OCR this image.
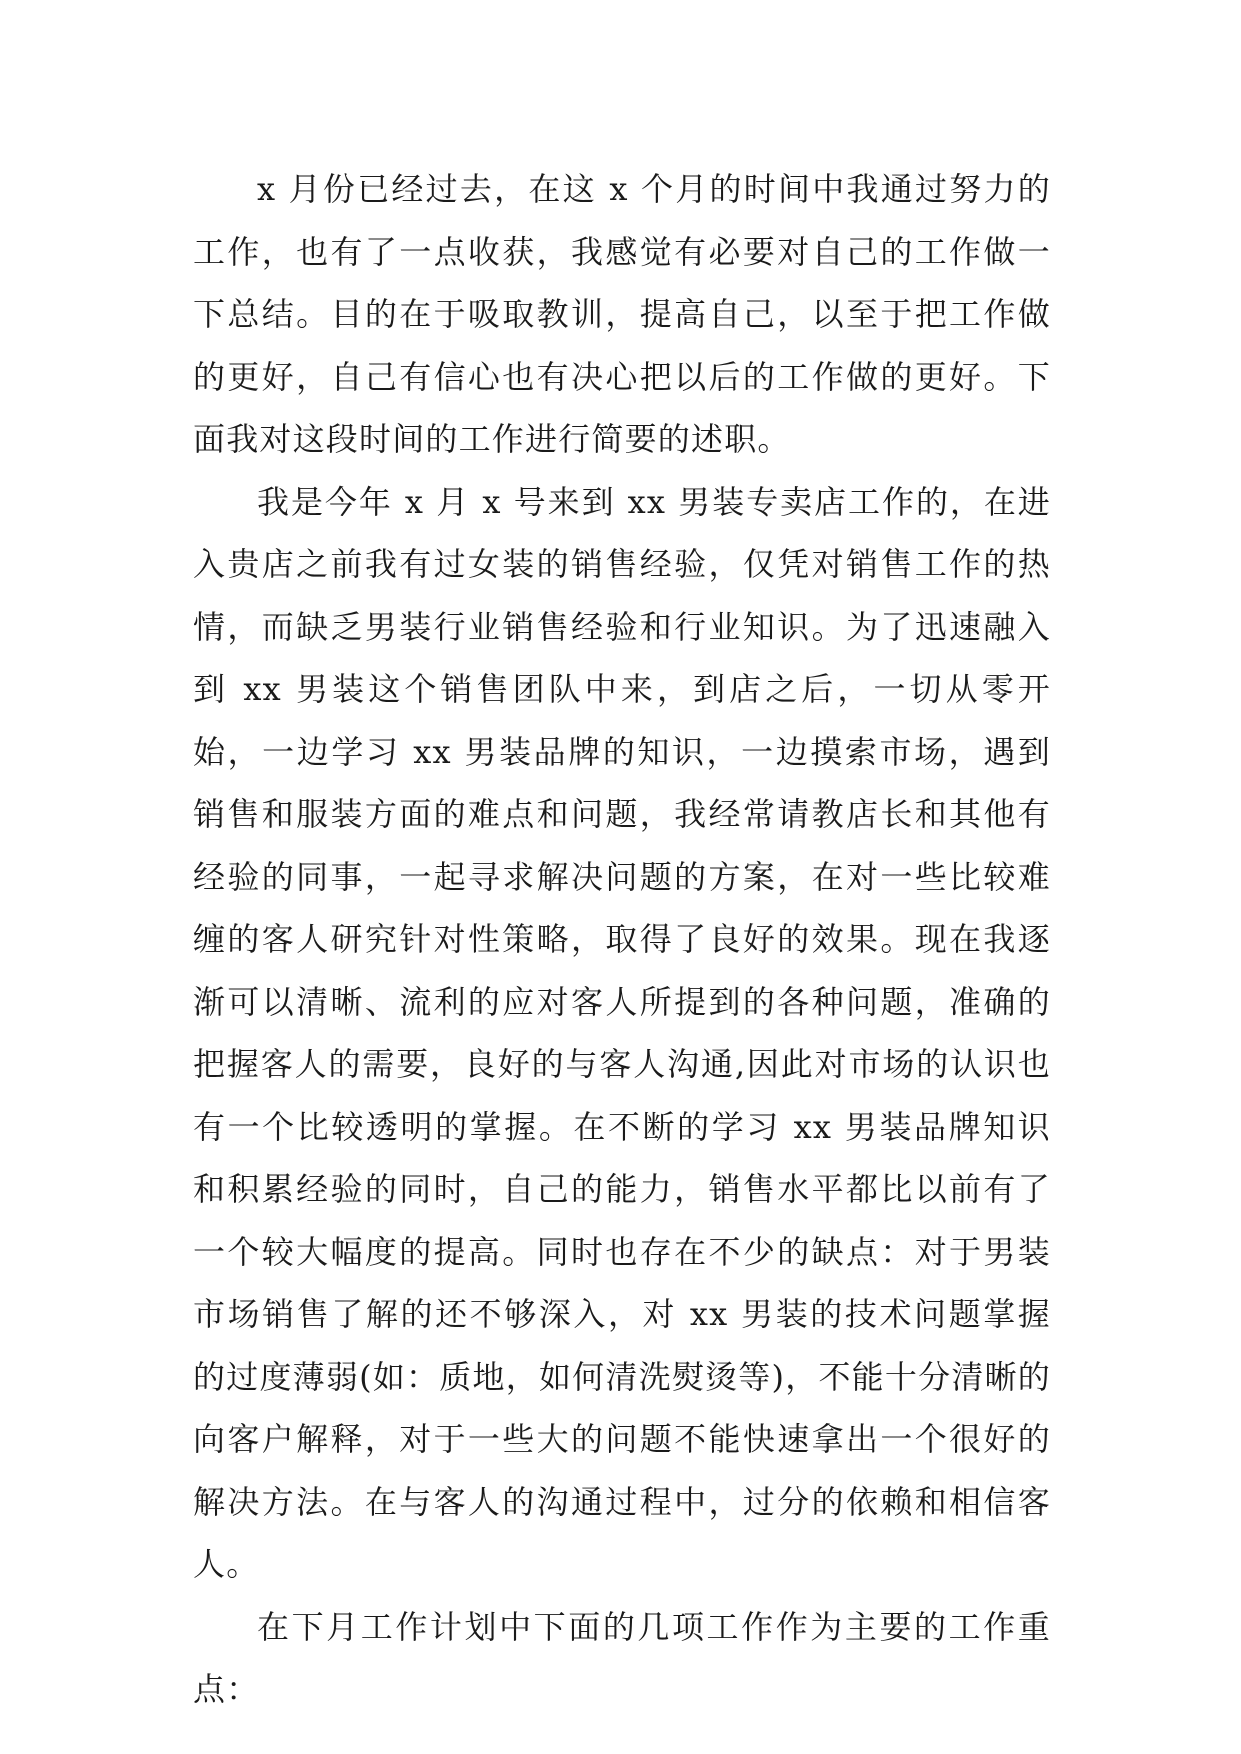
x 月份已经过去，在这 x 个月的时间中我通过努力的工作，也有了一点收获，我感觉有必要对自己的工作做一下总结。目的在于吸取教训，提高自己，以至于把工作做的更好，自己有信心也有决心把以后的工作做的更好。下面我对这段时间的工作进行简要的述职。

我是今年 x 月 x 号来到 xx 男装专卖店工作的，在进入贵店之前我有过女装的销售经验，仅凭对销售工作的热情，而缺乏男装行业销售经验和行业知识。为了迅速融入到 xx 男装这个销售团队中来，到店之后，一切从零开始，一边学习 xx 男装品牌的知识，一边摸索市场，遇到销售和服装方面的难点和问题，我经常请教店长和其他有经验的同事，一起寻求解决问题的方案，在对一些比较难缠的客人研究针对性策略，取得了良好的效果。现在我逐渐可以清晰、流利的应对客人所提到的各种问题，准确的把握客人的需要，良好的与客人沟通,因此对市场的认识也有一个比较透明的掌握。在不断的学习 xx 男装品牌知识和积累经验的同时，自己的能力，销售水平都比以前有了一个较大幅度的提高。同时也存在不少的缺点：对于男装市场销售了解的还不够深入，对 xx 男装的技术问题掌握的过度薄弱(如：质地，如何清洗熨烫等)，不能十分清晰的向客户解释，对于一些大的问题不能快速拿出一个很好的解决方法。在与客人的沟通过程中，过分的依赖和相信客人。

在下月工作计划中下面的几项工作作为主要的工作重点：
